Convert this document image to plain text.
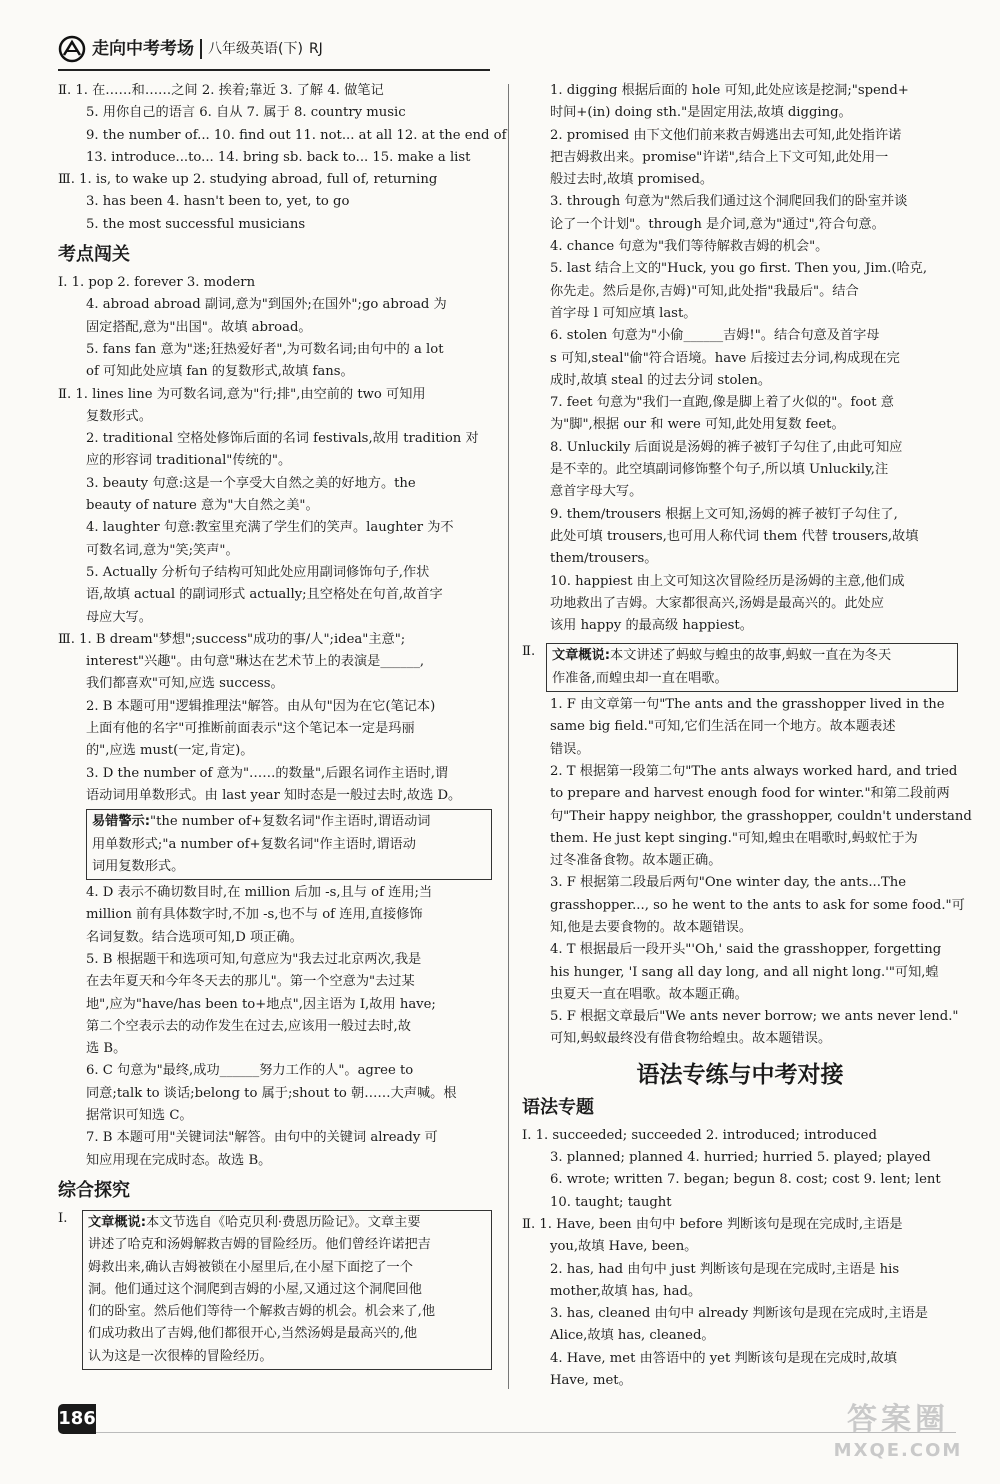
走向中考考场 八年级英语(下) RJ
Ⅱ. 1. 在……和……之间 2. 挨着;靠近 3. 了解 4. 做笔记
5. 用你自己的语言 6. 自从 7. 属于 8. country music
9. the number of... 10. find out 11. not... at all 12. at the end of
13. introduce...to... 14. bring sb. back to... 15. make a list
Ⅲ. 1. is, to wake up 2. studying abroad, full of, returning
3. has been 4. hasn't been to, yet, to go
5. the most successful musicians
考点闯关
Ⅰ. 1. pop 2. forever 3. modern
4. abroad abroad 副词,意为"到国外;在国外";go abroad 为
固定搭配,意为"出国"。故填 abroad。
5. fans fan 意为"迷;狂热爱好者",为可数名词;由句中的 a lot
of 可知此处应填 fan 的复数形式,故填 fans。
Ⅱ. 1. lines line 为可数名词,意为"行;排",由空前的 two 可知用
复数形式。
2. traditional 空格处修饰后面的名词 festivals,故用 tradition 对
应的形容词 traditional"传统的"。
3. beauty 句意:这是一个享受大自然之美的好地方。the
beauty of nature 意为"大自然之美"。
4. laughter 句意:教室里充满了学生们的笑声。laughter 为不
可数名词,意为"笑;笑声"。
5. Actually 分析句子结构可知此处应用副词修饰句子,作状
语,故填 actual 的副词形式 actually;且空格处在句首,故首字
母应大写。
Ⅲ. 1. B dream"梦想";success"成功的事/人";idea"主意";
interest"兴趣"。由句意"琳达在艺术节上的表演是______,
我们都喜欢"可知,应选 success。
2. B 本题可用"逻辑推理法"解答。由从句"因为在它(笔记本)
上面有他的名字"可推断前面表示"这个笔记本一定是玛丽
的",应选 must(一定,肯定)。
3. D the number of 意为"……的数量",后跟名词作主语时,谓
语动词用单数形式。由 last year 知时态是一般过去时,故选 D。
易错警示:"the number of+复数名词"作主语时,谓语动词
用单数形式;"a number of+复数名词"作主语时,谓语动
词用复数形式。
4. D 表示不确切数目时,在 million 后加 -s,且与 of 连用;当
million 前有具体数字时,不加 -s,也不与 of 连用,直接修饰
名词复数。结合选项可知,D 项正确。
5. B 根据题干和选项可知,句意应为"我去过北京两次,我是
在去年夏天和今年冬天去的那儿"。第一个空意为"去过某
地",应为"have/has been to+地点",因主语为 I,故用 have;
第二个空表示去的动作发生在过去,应该用一般过去时,故
选 B。
6. C 句意为"最终,成功______努力工作的人"。agree to
同意;talk to 谈话;belong to 属于;shout to 朝……大声喊。根
据常识可知选 C。
7. B 本题可用"关键词法"解答。由句中的关键词 already 可
知应用现在完成时态。故选 B。
综合探究
Ⅰ.	文章概说:本文节选自《哈克贝利·费恩历险记》。文章主要
讲述了哈克和汤姆解救吉姆的冒险经历。他们曾经许诺把吉
姆救出来,确认吉姆被锁在小屋里后,在小屋下面挖了一个
洞。他们通过这个洞爬到吉姆的小屋,又通过这个洞爬回他
们的卧室。然后他们等待一个解救吉姆的机会。机会来了,他
们成功救出了吉姆,他们都很开心,当然汤姆是最高兴的,他
认为这是一次很棒的冒险经历。
1. digging 根据后面的 hole 可知,此处应该是挖洞;"spend+
时间+(in) doing sth."是固定用法,故填 digging。
2. promised 由下文他们前来救吉姆逃出去可知,此处指许诺
把吉姆救出来。promise"许诺",结合上下文可知,此处用一
般过去时,故填 promised。
3. through 句意为"然后我们通过这个洞爬回我们的卧室并谈
论了一个计划"。through 是介词,意为"通过",符合句意。
4. chance 句意为"我们等待解救吉姆的机会"。
5. last 结合上文的"Huck, you go first. Then you, Jim.(哈克,
你先走。然后是你,吉姆)"可知,此处指"我最后"。结合
首字母 l 可知应填 last。
6. stolen 句意为"小偷______吉姆!"。结合句意及首字母
s 可知,steal"偷"符合语境。have 后接过去分词,构成现在完
成时,故填 steal 的过去分词 stolen。
7. feet 句意为"我们一直跑,像是脚上着了火似的"。foot 意
为"脚",根据 our 和 were 可知,此处用复数 feet。
8. Unluckily 后面说是汤姆的裤子被钉子勾住了,由此可知应
是不幸的。此空填副词修饰整个句子,所以填 Unluckily,注
意首字母大写。
9. them/trousers 根据上文可知,汤姆的裤子被钉子勾住了,
此处可填 trousers,也可用人称代词 them 代替 trousers,故填
them/trousers。
10. happiest 由上文可知这次冒险经历是汤姆的主意,他们成
功地救出了吉姆。大家都很高兴,汤姆是最高兴的。此处应
该用 happy 的最高级 happiest。
Ⅱ.	文章概说:本文讲述了蚂蚁与蝗虫的故事,蚂蚁一直在为冬天
作准备,而蝗虫却一直在唱歌。
1. F 由文章第一句"The ants and the grasshopper lived in the
same big field."可知,它们生活在同一个地方。故本题表述
错误。
2. T 根据第一段第二句"The ants always worked hard, and tried
to prepare and harvest enough food for winter."和第二段前两
句"Their happy neighbor, the grasshopper, couldn't understand
them. He just kept singing."可知,蝗虫在唱歌时,蚂蚁忙于为
过冬准备食物。故本题正确。
3. F 根据第二段最后两句"One winter day, the ants...The
grasshopper..., so he went to the ants to ask for some food."可
知,他是去要食物的。故本题错误。
4. T 根据最后一段开头"'Oh,' said the grasshopper, forgetting
his hunger, 'I sang all day long, and all night long.'"可知,蝗
虫夏天一直在唱歌。故本题正确。
5. F 根据文章最后"We ants never borrow; we ants never lend."
可知,蚂蚁最终没有借食物给蝗虫。故本题错误。
语法专练与中考对接
语法专题
Ⅰ. 1. succeeded; succeeded 2. introduced; introduced
3. planned; planned 4. hurried; hurried 5. played; played
6. wrote; written 7. began; begun 8. cost; cost 9. lent; lent
10. taught; taught
Ⅱ. 1. Have, been 由句中 before 判断该句是现在完成时,主语是
you,故填 Have, been。
2. has, had 由句中 just 判断该句是现在完成时,主语是 his
mother,故填 has, had。
3. has, cleaned 由句中 already 判断该句是现在完成时,主语是
Alice,故填 has, cleaned。
4. Have, met 由答语中的 yet 判断该句是现在完成时,故填
Have, met。
186	答案圈
MXQE.COM
